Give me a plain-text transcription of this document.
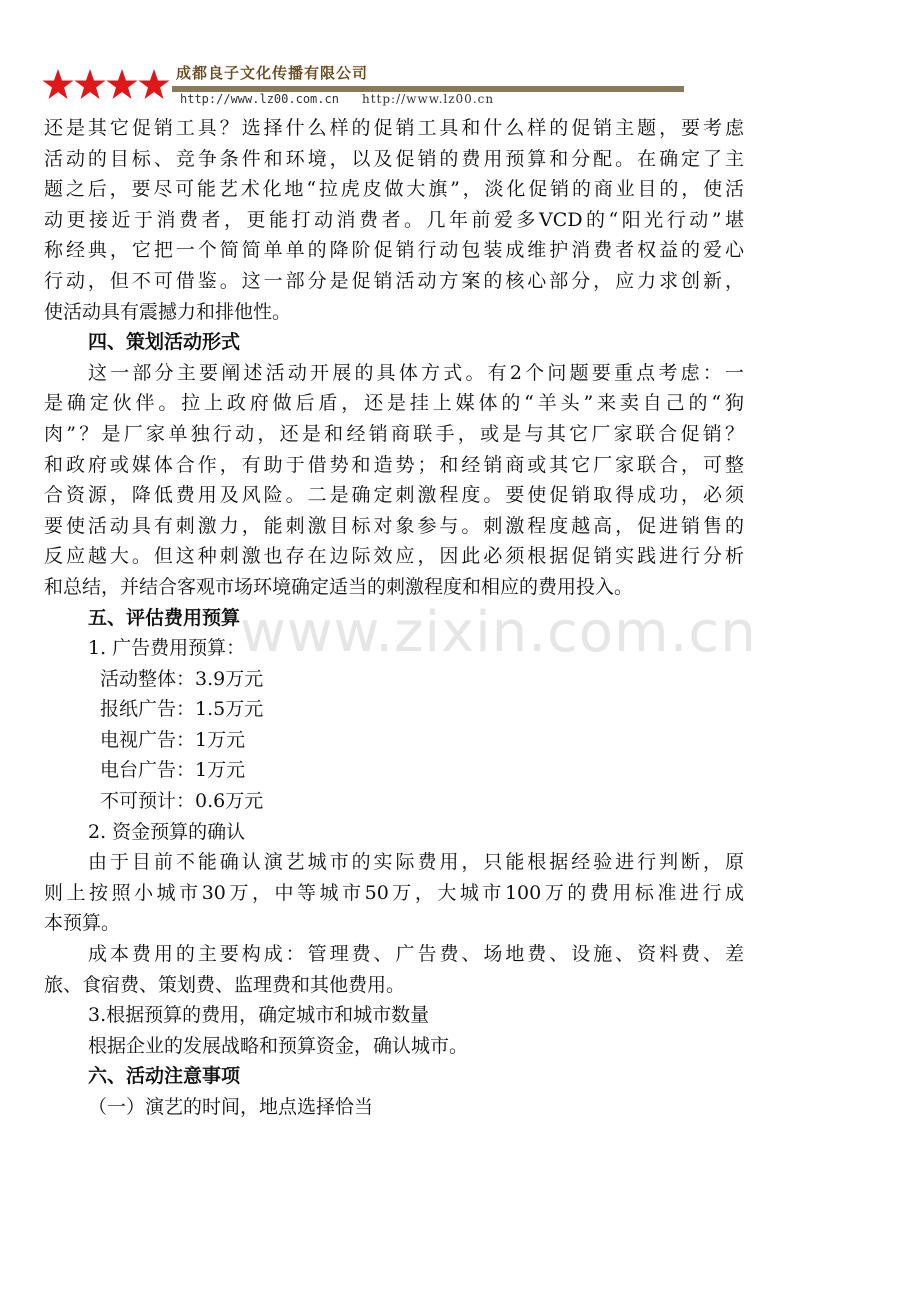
成都良子文化传播有限公司
http://www.lz00.com.cn http://www.lz00.cn
www.zixin.com.cn
还是其它促销工具？选择什么样的促销工具和什么样的促销主题，要考虑
活动的目标、竞争条件和环境，以及促销的费用预算和分配。在确定了主
题之后，要尽可能艺术化地“拉虎皮做大旗”，淡化促销的商业目的，使活
动更接近于消费者，更能打动消费者。几年前爱多VCD的“阳光行动”堪
称经典，它把一个简简单单的降阶促销行动包装成维护消费者权益的爱心
行动，但不可借鉴。这一部分是促销活动方案的核心部分，应力求创新，
使活动具有震撼力和排他性。
四、策划活动形式
这一部分主要阐述活动开展的具体方式。有2个问题要重点考虑：一
是确定伙伴。拉上政府做后盾，还是挂上媒体的“羊头”来卖自己的“狗
肉”？是厂家单独行动，还是和经销商联手，或是与其它厂家联合促销？
和政府或媒体合作，有助于借势和造势；和经销商或其它厂家联合，可整
合资源，降低费用及风险。二是确定刺激程度。要使促销取得成功，必须
要使活动具有刺激力，能刺激目标对象参与。刺激程度越高，促进销售的
反应越大。但这种刺激也存在边际效应，因此必须根据促销实践进行分析
和总结，并结合客观市场环境确定适当的刺激程度和相应的费用投入。
五、评估费用预算
1. 广告费用预算：
活动整体：3.9万元
报纸广告：1.5万元
电视广告：1万元
电台广告：1万元
不可预计：0.6万元
2. 资金预算的确认
由于目前不能确认演艺城市的实际费用，只能根据经验进行判断，原
则上按照小城市30万，中等城市50万，大城市100万的费用标准进行成
本预算。
成本费用的主要构成：管理费、广告费、场地费、设施、资料费、差
旅、食宿费、策划费、监理费和其他费用。
3.根据预算的费用，确定城市和城市数量
根据企业的发展战略和预算资金，确认城市。
六、活动注意事项
（一）演艺的时间，地点选择恰当
